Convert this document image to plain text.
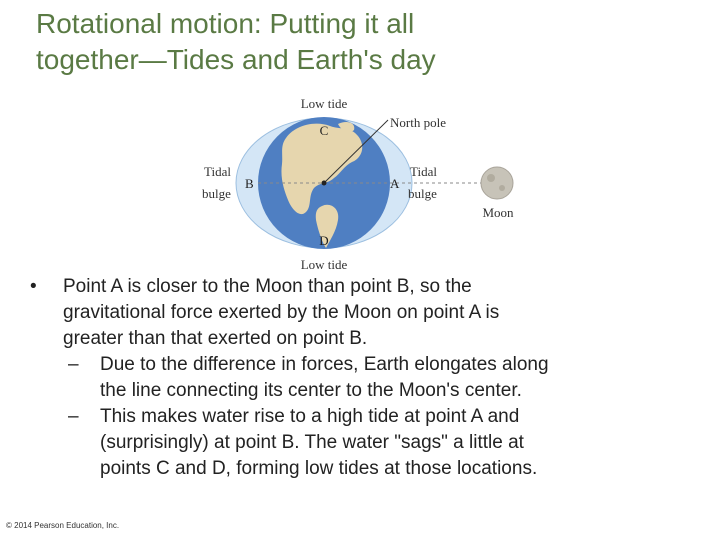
Rotational motion: Putting it all
together—Tides and Earth's day
Low tide
Low tide
North pole
Tidal
bulge
Tidal
bulge
Moon
C
D
A
B
• Point A is closer to the Moon than point B, so the
gravitational force exerted by the Moon on point A is
greater than that exerted on point B.
– Due to the difference in forces, Earth elongates along
the line connecting its center to the Moon's center.
– This makes water rise to a high tide at point A and
(surprisingly) at point B. The water "sags" a little at
points C and D, forming low tides at those locations.
© 2014 Pearson Education, Inc.
